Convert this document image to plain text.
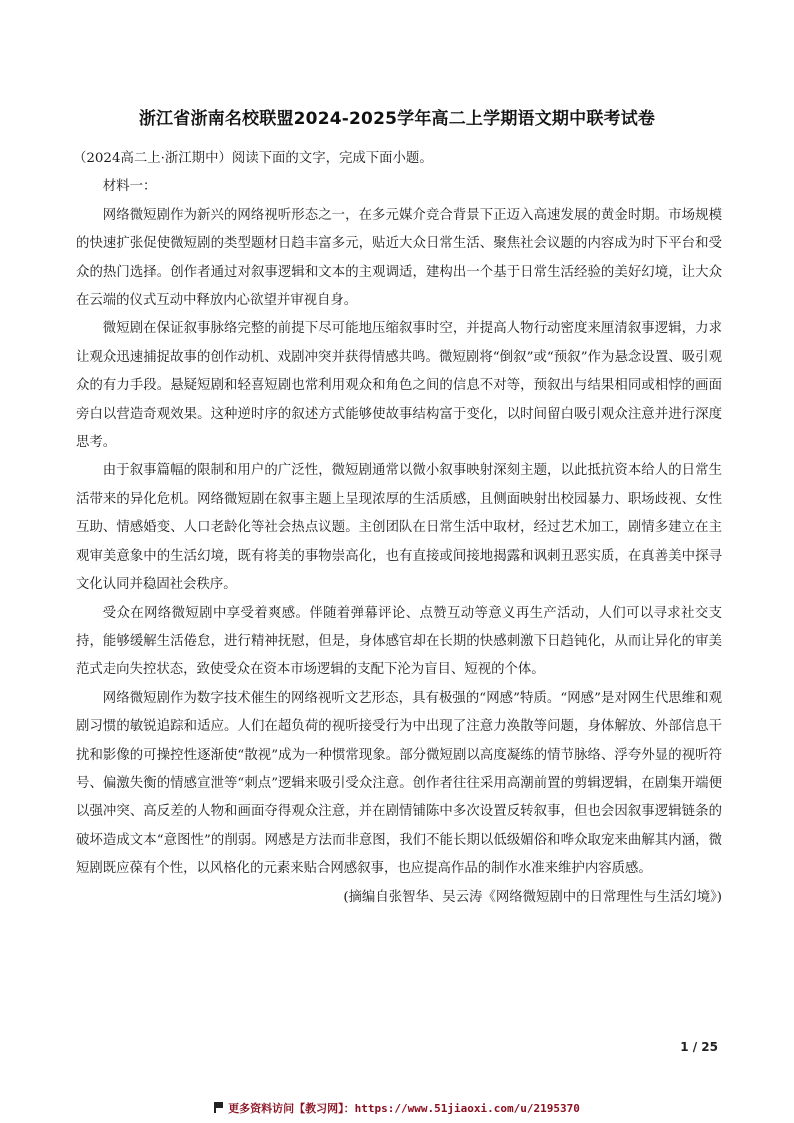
浙江省浙南名校联盟2024-2025学年高二上学期语文期中联考试卷

（2024高二上·浙江期中）阅读下面的文字，完成下面小题。

材料一：

网络微短剧作为新兴的网络视听形态之一，在多元媒介竞合背景下正迈入高速发展的黄金时期。市场规模的快速扩张促使微短剧的类型题材日趋丰富多元，贴近大众日常生活、聚焦社会议题的内容成为时下平台和受众的热门选择。创作者通过对叙事逻辑和文本的主观调适，建构出一个基于日常生活经验的美好幻境，让大众在云端的仪式互动中释放内心欲望并审视自身。

微短剧在保证叙事脉络完整的前提下尽可能地压缩叙事时空，并提高人物行动密度来厘清叙事逻辑，力求让观众迅速捕捉故事的创作动机、戏剧冲突并获得情感共鸣。微短剧将“倒叙”或“预叙”作为悬念设置、吸引观众的有力手段。悬疑短剧和轻喜短剧也常利用观众和角色之间的信息不对等，预叙出与结果相同或相悖的画面旁白以营造奇观效果。这种逆时序的叙述方式能够使故事结构富于变化，以时间留白吸引观众注意并进行深度思考。

由于叙事篇幅的限制和用户的广泛性，微短剧通常以微小叙事映射深刻主题，以此抵抗资本给人的日常生活带来的异化危机。网络微短剧在叙事主题上呈现浓厚的生活质感，且侧面映射出校园暴力、职场歧视、女性互助、情感婚变、人口老龄化等社会热点议题。主创团队在日常生活中取材，经过艺术加工，剧情多建立在主观审美意象中的生活幻境，既有将美的事物崇高化，也有直接或间接地揭露和讽刺丑恶实质，在真善美中探寻文化认同并稳固社会秩序。

受众在网络微短剧中享受着爽感。伴随着弹幕评论、点赞互动等意义再生产活动，人们可以寻求社交支持，能够缓解生活倦怠，进行精神抚慰，但是，身体感官却在长期的快感刺激下日趋钝化，从而让异化的审美范式走向失控状态，致使受众在资本市场逻辑的支配下沦为盲目、短视的个体。

网络微短剧作为数字技术催生的网络视听文艺形态，具有极强的“网感”特质。“网感”是对网生代思维和观剧习惯的敏锐追踪和适应。人们在超负荷的视听接受行为中出现了注意力涣散等问题，身体解放、外部信息干扰和影像的可操控性逐渐使“散视”成为一种惯常现象。部分微短剧以高度凝练的情节脉络、浮夸外显的视听符号、偏激失衡的情感宣泄等“刺点”逻辑来吸引受众注意。创作者往往采用高潮前置的剪辑逻辑，在剧集开端便以强冲突、高反差的人物和画面夺得观众注意，并在剧情铺陈中多次设置反转叙事，但也会因叙事逻辑链条的破坏造成文本“意图性”的削弱。网感是方法而非意图，我们不能长期以低级媚俗和哗众取宠来曲解其内涵，微短剧既应葆有个性，以风格化的元素来贴合网感叙事，也应提高作品的制作水准来维护内容质感。

(摘编自张智华、吴云涛《网络微短剧中的日常理性与生活幻境》)

1 / 25
更多资料访问【教习网】：https://www.51jiaoxi.com/u/2195370
